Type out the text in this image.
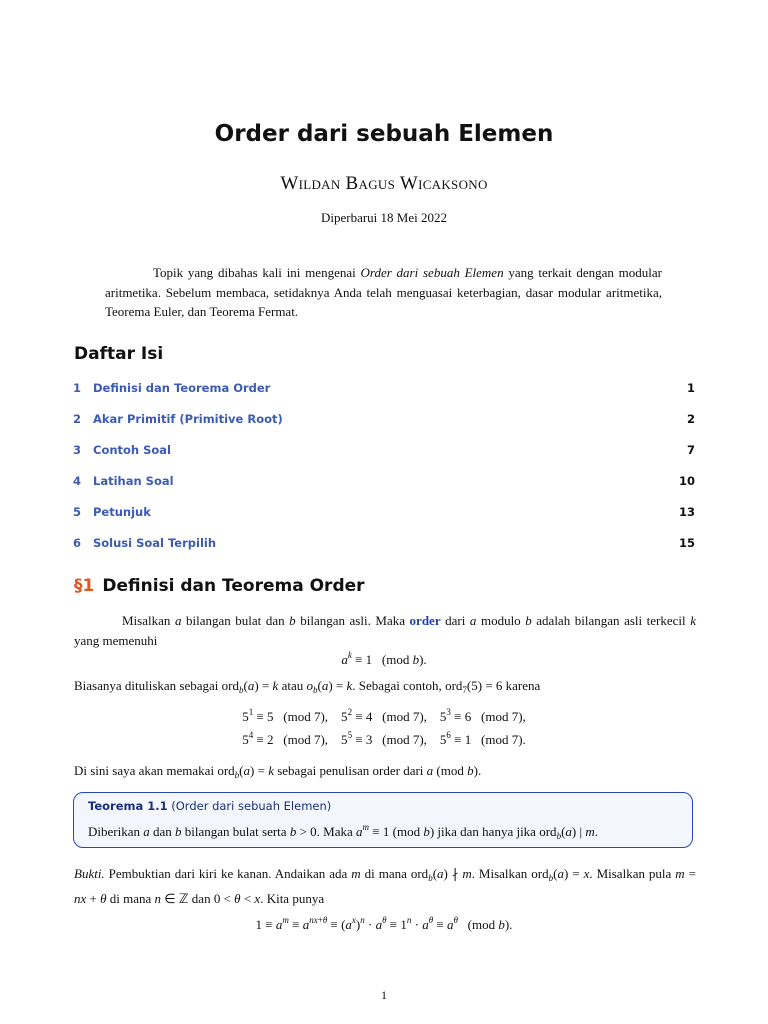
Order dari sebuah Elemen
Wildan Bagus Wicaksono
Diperbarui 18 Mei 2022
Topik yang dibahas kali ini mengenai Order dari sebuah Elemen yang terkait dengan modular aritmetika. Sebelum membaca, setidaknya Anda telah menguasai keterbagian, dasar modular aritmetika, Teorema Euler, dan Teorema Fermat.
Daftar Isi
1 Definisi dan Teorema Order	1
2 Akar Primitif (Primitive Root)	2
3 Contoh Soal	7
4 Latihan Soal	10
5 Petunjuk	13
6 Solusi Soal Terpilih	15
§1 Definisi dan Teorema Order
Misalkan a bilangan bulat dan b bilangan asli. Maka order dari a modulo b adalah bilangan asli terkecil k yang memenuhi
$a^k \equiv 1$   (mod b).
Biasanya dituliskan sebagai ord$_b$(a) = k atau $o_b(a) = k$. Sebagai contoh, ord$_7$(5) = 6 karena
$5^1 \equiv 5$   (mod 7),    $5^2 \equiv 4$   (mod 7),    $5^3 \equiv 6$   (mod 7),
$5^4 \equiv 2$   (mod 7),    $5^5 \equiv 3$   (mod 7),    $5^6 \equiv 1$   (mod 7).
Di sini saya akan memakai ord$_b$(a) = k sebagai penulisan order dari a (mod b).
Teorema 1.1 (Order dari sebuah Elemen)
Diberikan a dan b bilangan bulat serta b > 0. Maka $a^m \equiv 1$ (mod b) jika dan hanya jika ord$_b$(a) | m.
Bukti. Pembuktian dari kiri ke kanan. Andaikan ada m di mana ord$_b$(a) ∤ m. Misalkan ord$_b$(a) = x. Misalkan pula m = nx + θ di mana n ∈ ℤ dan 0 < θ < x. Kita punya
$1 \equiv a^m \equiv a^{nx+\theta} \equiv (a^x)^n \cdot a^\theta \equiv 1^n \cdot a^\theta \equiv a^\theta$   (mod b).
1
